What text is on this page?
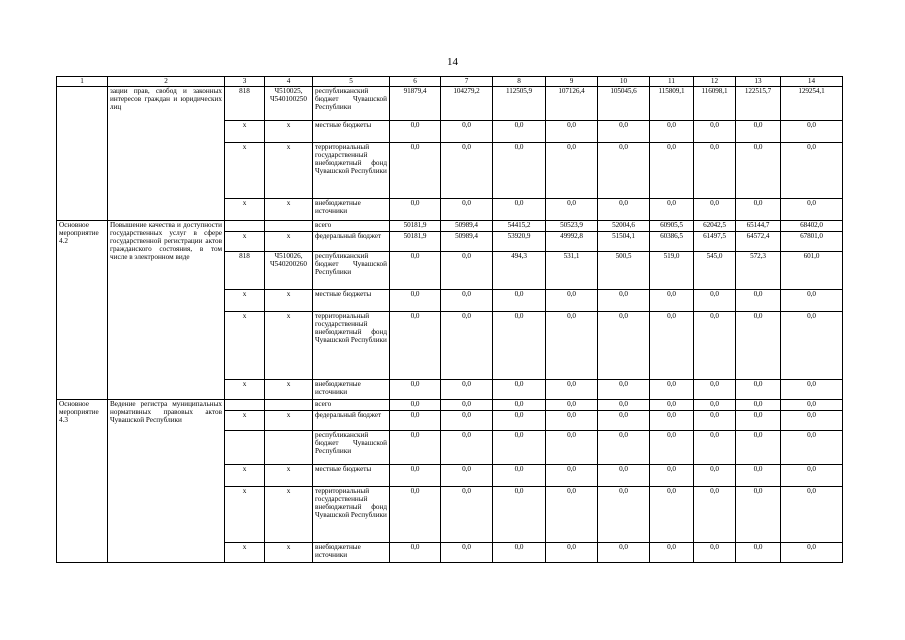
14
1	2	3	4	5	6	7	8	9	10	11	12	13	14
	зации прав, свобод и законных интересов граждан и юридических лиц	818	Ч510025, Ч540100250	республиканский бюджет Чувашской Республики	91879,4	104279,2	112505,9	107126,4	105045,6	115809,1	116098,1	122515,7	129254,1
		х	х	местные бюджеты	0,0	0,0	0,0	0,0	0,0	0,0	0,0	0,0	0,0
		х	х	территориальный государственный внебюджетный фонд Чувашской Республики	0,0	0,0	0,0	0,0	0,0	0,0	0,0	0,0	0,0
		х	х	внебюджетные источники	0,0	0,0	0,0	0,0	0,0	0,0	0,0	0,0	0,0
Основное мероприятие 4.2	Повышение качества и доступности государственных услуг в сфере государственной регистрации актов гражданского состояния, в том числе в электронном виде			всего	50181,9	50989,4	54415,2	50523,9	52004,6	60905,5	62042,5	65144,7	68402,0
		х	х	федеральный бюджет	50181,9	50989,4	53920,9	49992,8	51504,1	60386,5	61497,5	64572,4	67801,0
		818	Ч510026, Ч540200260	республиканский бюджет Чувашской Республики	0,0	0,0	494,3	531,1	500,5	519,0	545,0	572,3	601,0
		х	х	местные бюджеты	0,0	0,0	0,0	0,0	0,0	0,0	0,0	0,0	0,0
		х	х	территориальный государственный внебюджетный фонд Чувашской Республики	0,0	0,0	0,0	0,0	0,0	0,0	0,0	0,0	0,0
		х	х	внебюджетные источники	0,0	0,0	0,0	0,0	0,0	0,0	0,0	0,0	0,0
Основное мероприятие 4.3	Ведение регистра муниципальных нормативных правовых актов Чувашской Республики			всего	0,0	0,0	0,0	0,0	0,0	0,0	0,0	0,0	0,0
		х	х	федеральный бюджет	0,0	0,0	0,0	0,0	0,0	0,0	0,0	0,0	0,0
				республиканский бюджет Чувашской Республики	0,0	0,0	0,0	0,0	0,0	0,0	0,0	0,0	0,0
		х	х	местные бюджеты	0,0	0,0	0,0	0,0	0,0	0,0	0,0	0,0	0,0
		х	х	территориальный государственный внебюджетный фонд Чувашской Республики	0,0	0,0	0,0	0,0	0,0	0,0	0,0	0,0	0,0
		х	х	внебюджетные источники	0,0	0,0	0,0	0,0	0,0	0,0	0,0	0,0	0,0
